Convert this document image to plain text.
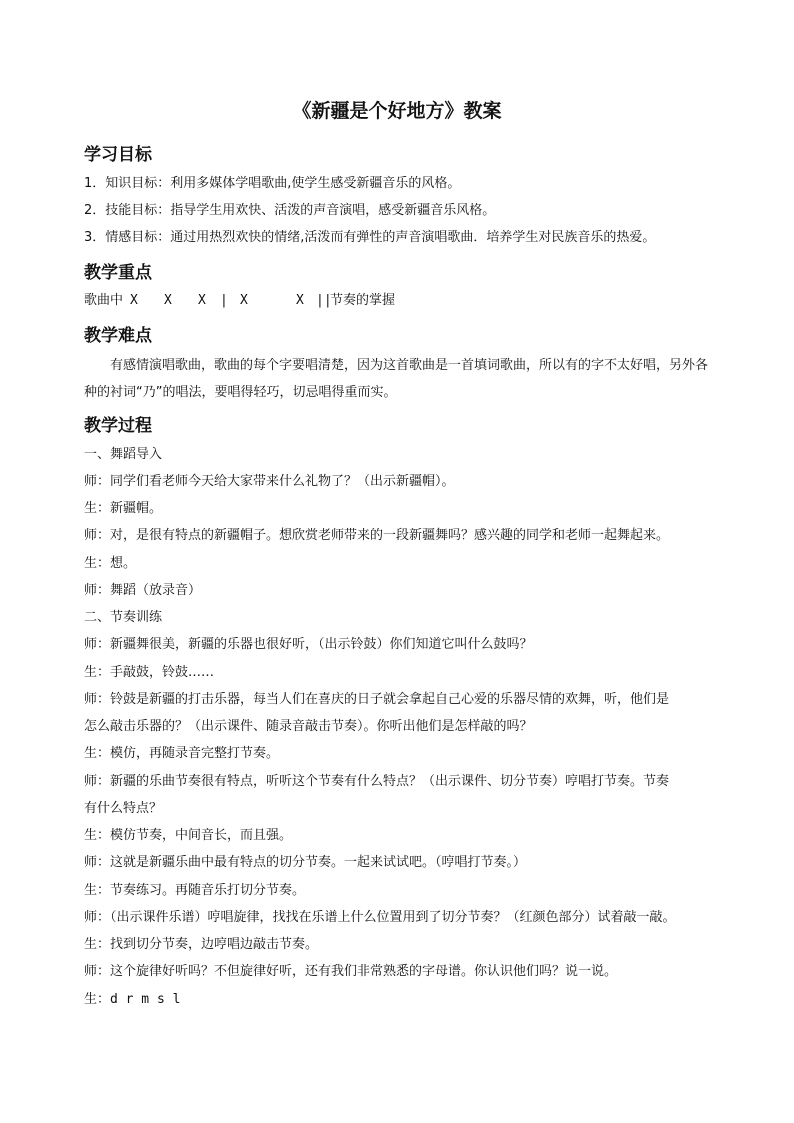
《新疆是个好地方》教案
学习目标
1．知识目标：利用多媒体学唱歌曲,使学生感受新疆音乐的风格。
2．技能目标：指导学生用欢快、活泼的声音演唱，感受新疆音乐风格。
3．情感目标：通过用热烈欢快的情绪,活泼而有弹性的声音演唱歌曲．培养学生对民族音乐的热爱。
教学重点
歌曲中 X X X | X	X ||
节奏的掌握
教学难点
有感情演唱歌曲，歌曲的每个字要唱清楚，因为这首歌曲是一首填词歌曲，所以有的字不太好唱，另外各种的衬词“乃”的唱法，要唱得轻巧，切忌唱得重而实。
教学过程
一、舞蹈导入
师：同学们看老师今天给大家带来什么礼物了？（出示新疆帽）。
生：新疆帽。
师：对，是很有特点的新疆帽子。想欣赏老师带来的一段新疆舞吗？感兴趣的同学和老师一起舞起来。
生：想。
师：舞蹈（放录音）
二、节奏训练
师：新疆舞很美，新疆的乐器也很好听，（出示铃鼓）你们知道它叫什么鼓吗？
生：手敲鼓，铃鼓……
师：铃鼓是新疆的打击乐器，每当人们在喜庆的日子就会拿起自己心爱的乐器尽情的欢舞，听，他们是
怎么敲击乐器的？（出示课件、随录音敲击节奏）。你听出他们是怎样敲的吗？
生：模仿，再随录音完整打节奏。
师：新疆的乐曲节奏很有特点，听听这个节奏有什么特点？（出示课件、切分节奏）哼唱打节奏。节奏
有什么特点？
生：模仿节奏，中间音长，而且强。
师：这就是新疆乐曲中最有特点的切分节奏。一起来试试吧。（哼唱打节奏。）
生：节奏练习。再随音乐打切分节奏。
师：（出示课件乐谱）哼唱旋律，找找在乐谱上什么位置用到了切分节奏？（红颜色部分）试着敲一敲。
生：找到切分节奏，边哼唱边敲击节奏。
师：这个旋律好听吗？不但旋律好听，还有我们非常熟悉的字母谱。你认识他们吗？说一说。
生：d r m s l
